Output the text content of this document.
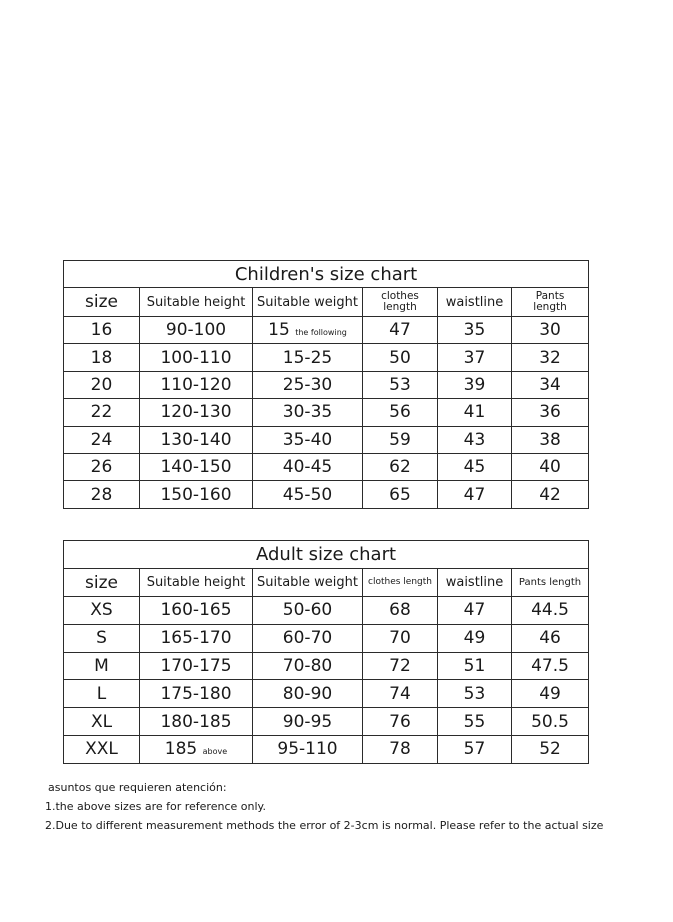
Children's size chart					
size	Suitable height	Suitable weight	clothes length	waistline	Pants length

16	90-100	15 the following	47	35	30
18	100-110	15-25	50	37	32
20	110-120	25-30	53	39	34
22	120-130	30-35	56	41	36
24	130-140	35-40	59	43	38
26	140-150	40-45	62	45	40
28	150-160	45-50	65	47	42
Adult size chart					
size	Suitable height	Suitable weight	clothes length	waistline	Pants length
XS	160-165	50-60	68	47	44.5
S	165-170	60-70	70	49	46
M	170-175	70-80	72	51	47.5
L	175-180	80-90	74	53	49
XL	180-185	90-95	76	55	50.5
XXL	185 above	95-110	78	57	52
asuntos que requieren atención:
1.the above sizes are for reference only.
2.Due to different measurement methods the error of 2-3cm is normal. Please refer to the actual size
